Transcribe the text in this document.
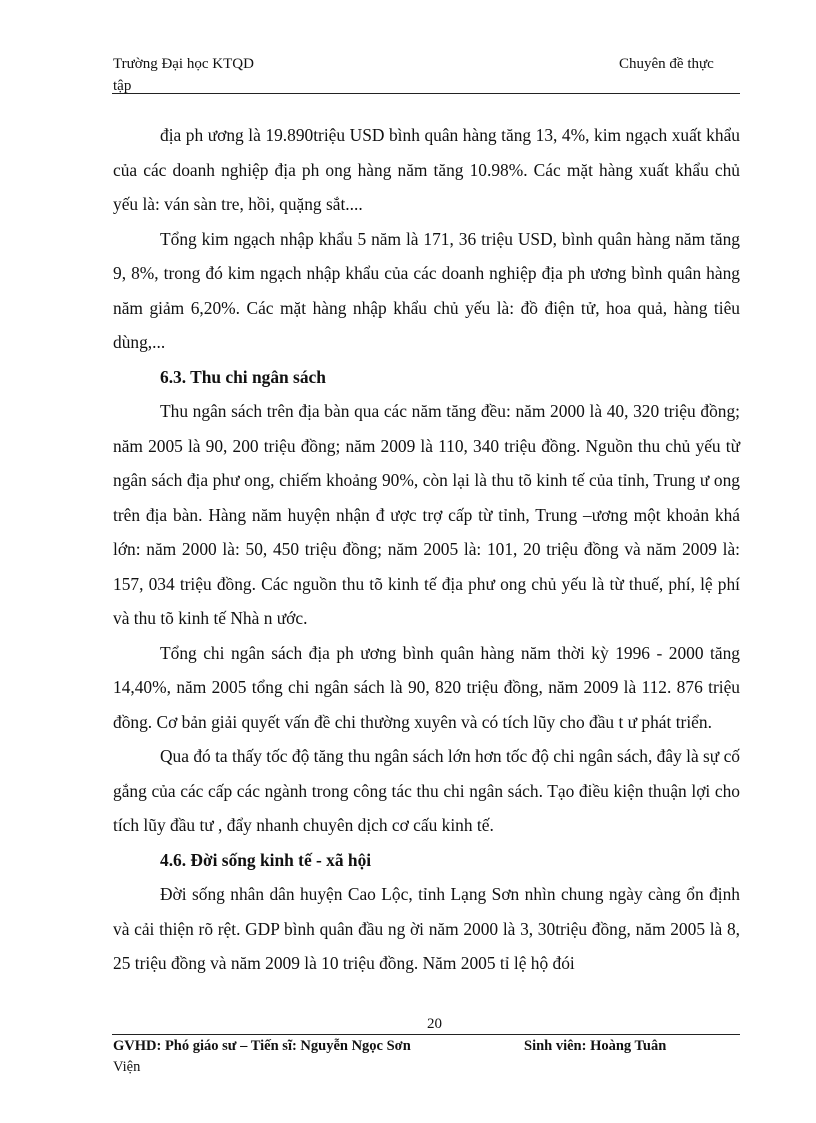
Trường Đại học KTQD
tập
Chuyên đề thực

địa ph ương là 19.890triệu USD bình quân hàng tăng 13, 4%, kim ngạch xuất khẩu của các doanh nghiệp địa ph ong hàng năm tăng 10.98%. Các mặt hàng xuất khẩu chủ yếu là: ván sàn tre, hồi, quặng sắt....

Tổng kim ngạch nhập khẩu 5 năm là 171, 36 triệu USD, bình quân hàng năm tăng 9, 8%, trong đó kim ngạch nhập khẩu của các doanh nghiệp địa ph ương bình quân hàng năm giảm 6,20%. Các mặt hàng nhập khẩu chủ yếu là: đồ điện tử, hoa quả, hàng tiêu dùng,...

6.3. Thu chi ngân sách

Thu ngân sách trên địa bàn qua các năm tăng đều: năm 2000 là 40, 320 triệu đồng; năm 2005 là 90, 200 triệu đồng; năm 2009 là 110, 340 triệu đồng. Nguồn thu chủ yếu từ ngân sách địa phư ong, chiếm khoảng 90%, còn lại là thu tõ kinh tế của tỉnh, Trung ư ong trên địa bàn. Hàng năm huyện nhận đ ược trợ cấp từ tỉnh, Trung –ương một khoản khá lớn: năm 2000 là: 50, 450 triệu đồng; năm 2005 là: 101, 20 triệu đồng và năm 2009 là: 157, 034 triệu đồng. Các nguồn thu tõ kinh tế địa phư ong chủ yếu là từ thuế, phí, lệ phí và thu tõ kinh tế Nhà n ước.

Tổng chi ngân sách địa ph ương bình quân hàng năm thời kỳ 1996 - 2000 tăng 14,40%, năm 2005 tổng chi ngân sách là 90, 820 triệu đồng, năm 2009 là 112. 876 triệu đồng. Cơ bản giải quyết vấn đề chi thường xuyên và có tích lũy cho đầu t ư phát triển.

Qua đó ta thấy tốc độ tăng thu ngân sách lớn hơn tốc độ chi ngân sách, đây là sự cố gắng của các cấp các ngành trong công tác thu chi ngân sách. Tạo điều kiện thuận lợi cho tích lũy đầu tư , đẩy nhanh chuyên dịch cơ cấu kinh tế.

4.6. Đời sống kinh tế - xã hội

Đời sống nhân dân huyện Cao Lộc, tỉnh Lạng Sơn nhìn chung ngày càng ổn định và cải thiện rõ rệt. GDP bình quân đầu ng ời năm 2000 là 3, 30triệu đồng, năm 2005 là 8, 25 triệu đồng và năm 2009 là 10 triệu đồng. Năm 2005 tỉ lệ hộ đói

20
GVHD: Phó giáo sư – Tiến sĩ: Nguyễn Ngọc Sơn
Viện
Sinh viên: Hoàng Tuân
